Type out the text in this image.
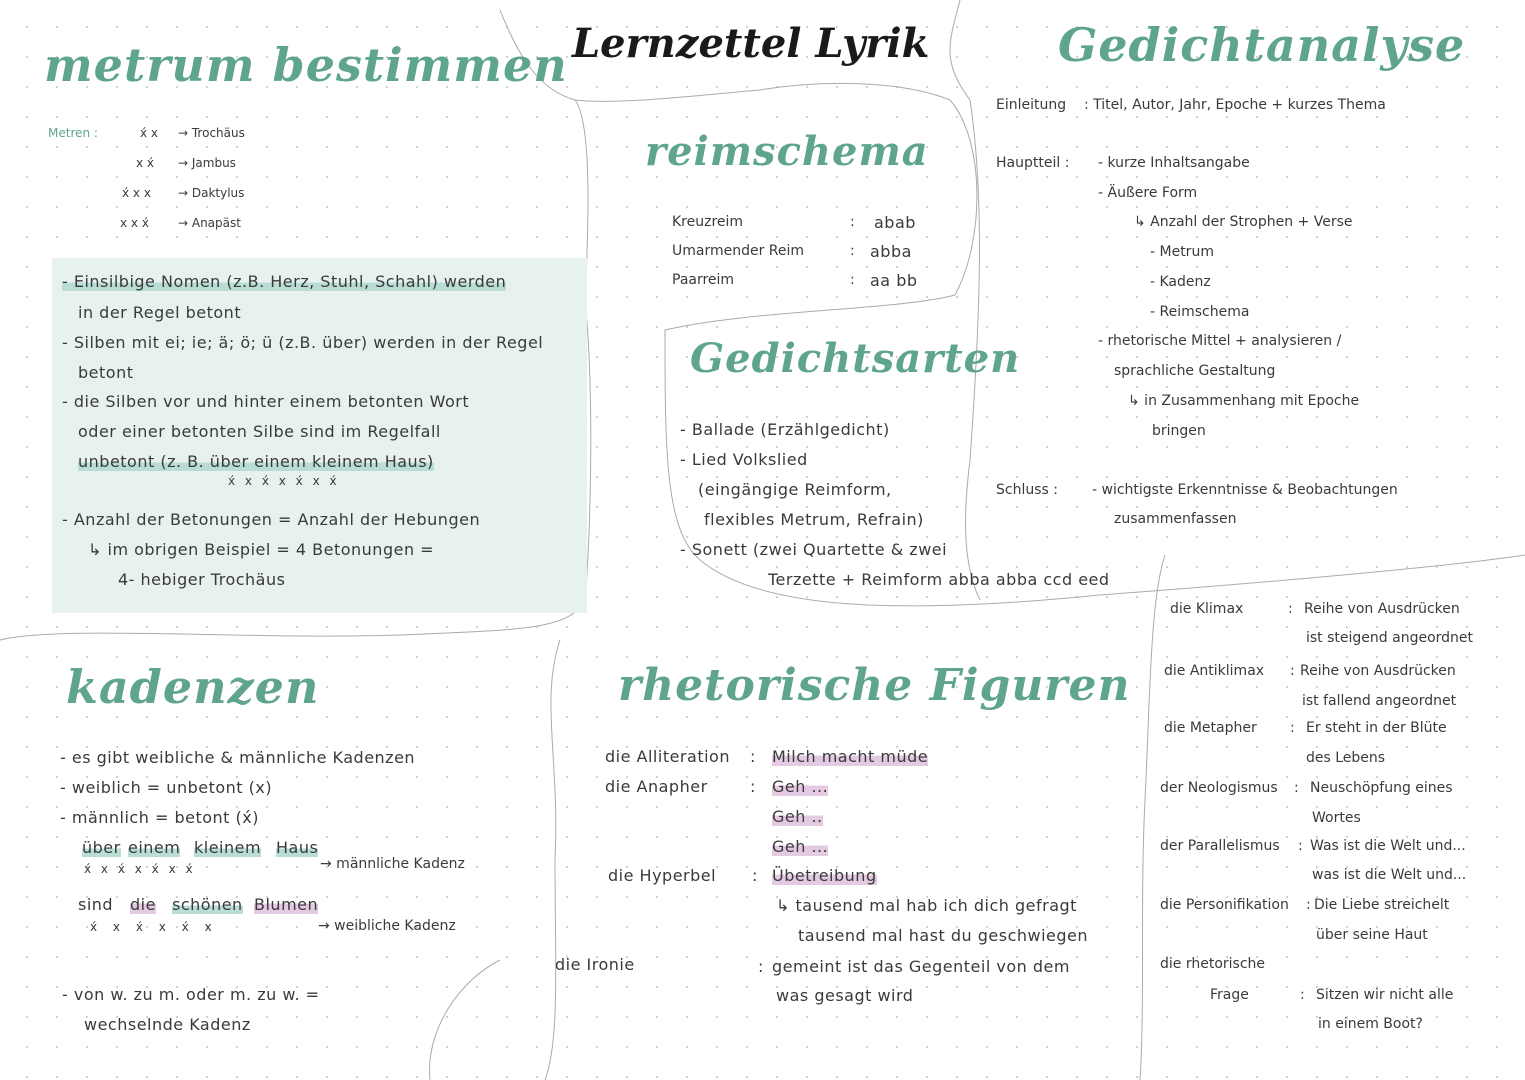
Lernzettel Lyrik
metrum bestimmen
Metren :	x́ x → Trochäus
x x́ → Jambus
x́ x x → Daktylus
x x x́ → Anapäst
- Einsilbige Nomen (z.B. Herz, Stuhl, Schahl) werden
in der Regel betont
- Silben mit ei; ie; ä; ö; ü (z.B. über) werden in der Regel
betont
- die Silben vor und hinter einem betonten Wort
oder einer betonten Silbe sind im Regelfall
unbetont (z. B. über einem kleinem Haus)
x́ x x́ x x́ x x́
- Anzahl der Betonungen = Anzahl der Hebungen
↳ im obrigen Beispiel = 4 Betonungen =
4- hebiger Trochäus
reimschema
Kreuzreim	: abab
Umarmender Reim	: abba
Paarreim	: aa bb
Gedichtsarten
- Ballade (Erzählgedicht)
- Lied Volkslied
(eingängige Reimform,
flexibles Metrum, Refrain)
- Sonett (zwei Quartette & zwei
Terzette + Reimform abba abba ccd eed
Gedichtanalyse
Einleitung : Titel, Autor, Jahr, Epoche + kurzes Thema
Hauptteil : - kurze Inhaltsangabe
- Äußere Form
↳ Anzahl der Strophen + Verse
- Metrum
- Kadenz
- Reimschema
- rhetorische Mittel + analysieren /
sprachliche Gestaltung
↳ in Zusammenhang mit Epoche
bringen
Schluss : - wichtigste Erkenntnisse & Beobachtungen
zusammenfassen
kadenzen
- es gibt weibliche & männliche Kadenzen
- weiblich = unbetont (x)
- männlich = betont (x́)
über einem kleinem Haus
x́ x x́ x x́ x x́	→ männliche Kadenz
sind die schönen Blumen
x́ x x́ x x́ x	→ weibliche Kadenz
- von w. zu m. oder m. zu w. =
wechselnde Kadenz
rhetorische Figuren
die Alliteration : Milch macht müde
die Anapher	: Geh ...
Geh ..
Geh ...
die Hyperbel : Übetreibung
↳ tausend mal hab ich dich gefragt
tausend mal hast du geschwiegen
die Ironie	: gemeint ist das Gegenteil von dem
was gesagt wird
die Klimax	: Reihe von Ausdrücken
ist steigend angeordnet
die Antiklimax : Reihe von Ausdrücken
ist fallend angeordnet
die Metapher : Er steht in der Blüte
des Lebens
der Neologismus : Neuschöpfung eines
Wortes
der Parallelismus : Was ist die Welt und...
was ist die Welt und...
die Personifikation : Die Liebe streichelt
über seine Haut
die rhetorische
Frage	: Sitzen wir nicht alle
in einem Boot?
